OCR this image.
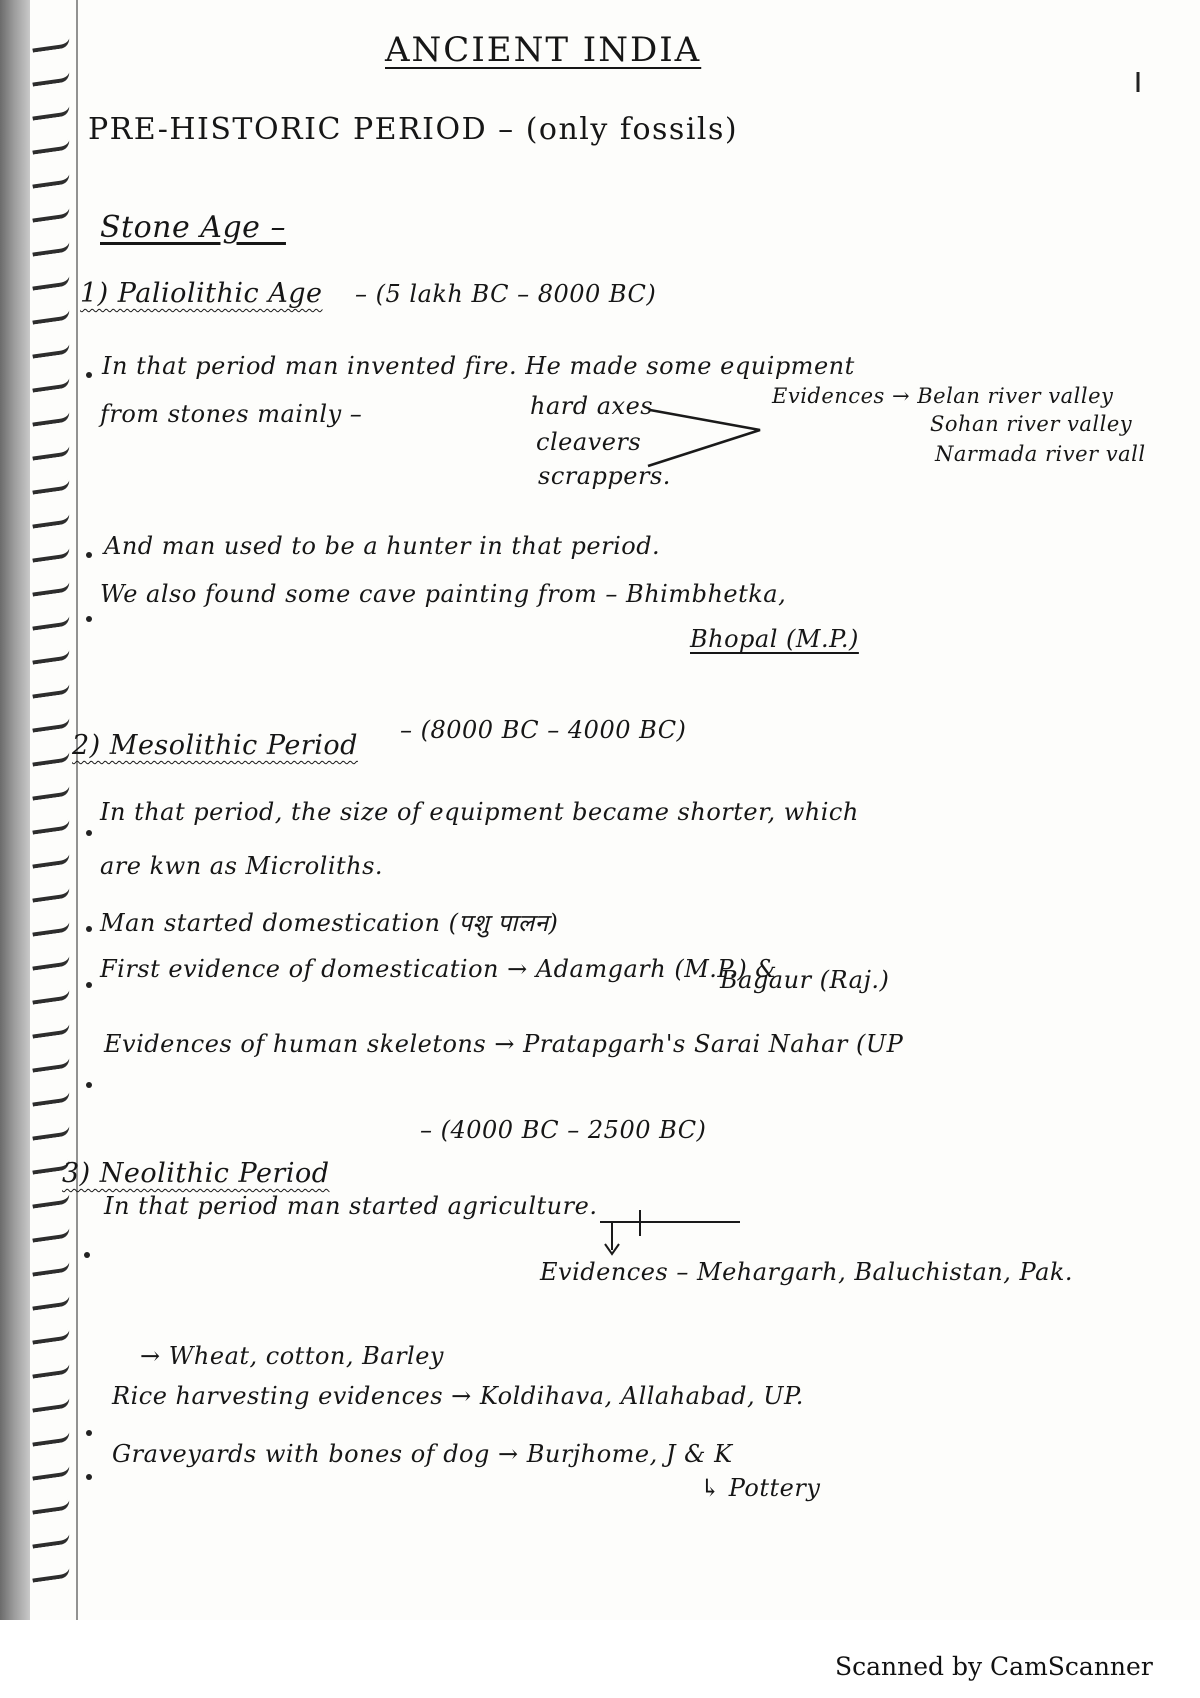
ANCIENT INDIA
PRE-HISTORIC PERIOD – (only fossils)
Stone Age –
1) Paliolithic Age – (5 lakh BC – 8000 BC)
In that period man invented fire. He made some equipment
from stones mainly –	hard axes
cleavers
scrappers.
Evidences → Belan river valley
Sohan river valley
Narmada river vall
And man used to be a hunter in that period.
We also found some cave painting from – Bhimbhetka,
Bhopal (M.P.)
2) Mesolithic Period – (8000 BC – 4000 BC)
In that period, the size of equipment became shorter, which
are kwn as Microliths.
Man started domestication (पशु पालन)
First evidence of domestication → Adamgarh (M.P.) &
Bagaur (Raj.)
Evidences of human skeletons → Pratapgarh's Sarai Nahar (UP
3) Neolithic Period
– (4000 BC – 2500 BC)
In that period man started agriculture.
Evidences – Mehargarh, Baluchistan, Pak.
→ Wheat, cotton, Barley
Rice harvesting evidences → Koldihava, Allahabad, UP.
Graveyards with bones of dog → Burjhome, J & K
↳ Pottery
Scanned by CamScanner
